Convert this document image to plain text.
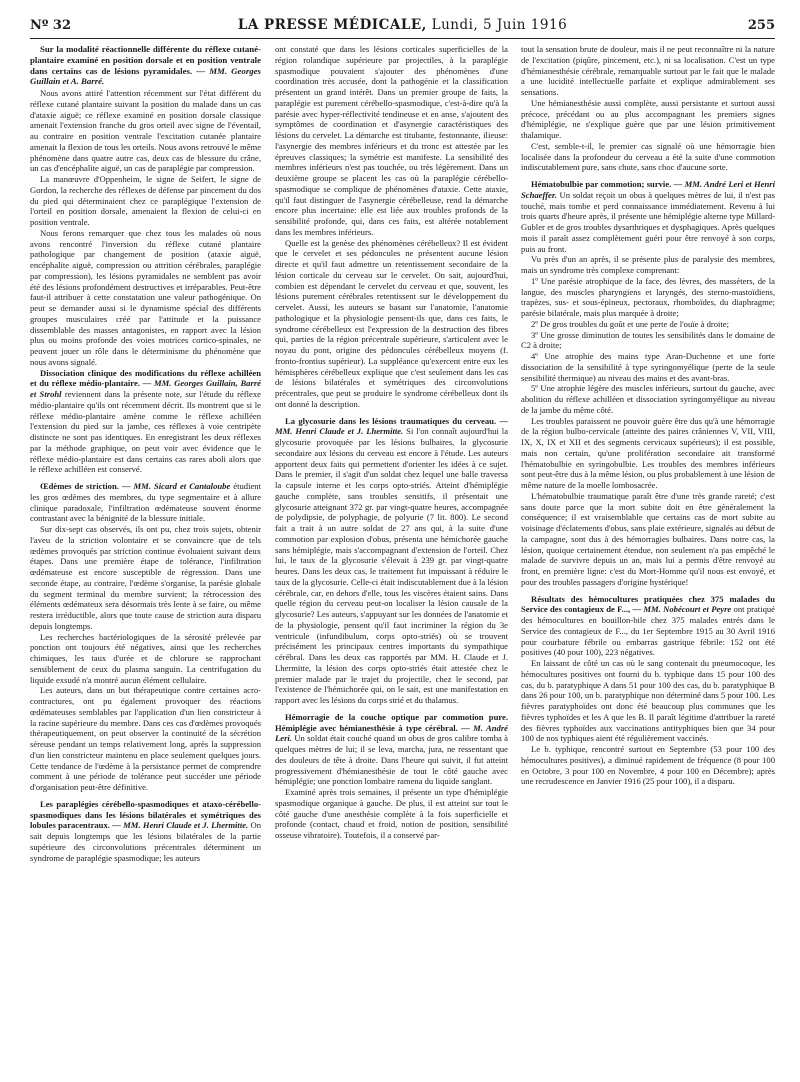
Nº 32	LA PRESSE MÉDICALE, Lundi, 5 Juin 1916	255
Sur la modalité réactionnelle différente du réflexe cutané-plantaire examiné en position dorsale et en position ventrale dans certains cas de lésions pyramidales. — MM. Georges Guillain et A. Barré.

Nous avons attiré l'attention récemment sur l'état différent du réflexe cutané plantaire suivant la position du malade dans un cas d'ataxie aiguë; ce réflexe examiné en position dorsale classique amenait l'extension franche du gros orteil avec signe de l'éventail, au contraire en position ventrale l'excitation cutanée plantaire amenait la flexion de tous les orteils. Nous avons retrouvé le même phénomène dans quatre autre cas, deux cas de blessure du crâne, un cas d'encéphalite aiguë, un cas de paraplégie par compression.

La manœuvre d'Oppenheim, le signe de Seifert, le signe de Gordon, la recherche des réflexes de défense par pincement du dos du pied qui déterminaient chez ce paraplégique l'extension de l'orteil en position dorsale, amenaient la flexion de celui-ci en position ventrale.

Nous ferons remarquer que chez tous les malades où nous avons rencontré l'inversion du réflexe cutané plantaire pathologique par changement de position (ataxie aiguë, encéphalite aiguë, compression ou attrition cérébrales, paraplégie par compression), les lésions pyramidales ne semblent pas avoir été des lésions profondément destructives et irréparables. Peut-être faut-il attribuer à cette constatation une valeur pathogénique. On peut se demander aussi si le dynamisme spécial des différents groupes musculaires créé par l'attitude et la puissance dissemblable des masses antagonistes, en rapport avec la lésion plus ou moins profonde des voies motrices cortico-spinales, ne peuvent jouer un rôle dans le déterminisme du phénomène que nous avons signalé.

Dissociation clinique des modifications du réflexe achilléen et du réflexe médio-plantaire. — MM. Georges Guillain, Barré et Strohl reviennent dans la présente note, sur l'étude du réflexe médio-plantaire qu'ils ont récemment décrit. Ils montrent que si le réflexe médio-plantaire amène comme le réflexe achilléen l'extension du pied sur la jambe, ces réflexes à voie centripète distincte ne sont pas identiques. En enregistrant les deux réflexes par la méthode graphique, on peut voir avec évidence que le réflexe médio-plantaire est dans certains cas rares aboli alors que le réflexe achilléen est conservé.

Œdèmes de striction. — MM. Sicard et Cantaloube étudient les gros œdèmes des membres, du type segmentaire et à allure clinique paradoxale, l'infiltration œdémateuse souvent énorme contrastant avec la bénignité de la blessure initiale.

Sur dix-sept cas observés, ils ont pu, chez trois sujets, obtenir l'aveu de la striction volontaire et se convaincre que de tels œdèmes provoqués par striction continue évoluaient suivant deux étapes. Dans une première étape de tolérance, l'infiltration œdémateuse est encore susceptible de régression. Dans une seconde étape, au contraire, l'œdème s'organise, la parésie globale du segment terminal du membre survient; la rétrocession des éléments œdémateux sera désormais très lente à se faire, ou même restera irréductible, alors que toute cause de striction aura disparu depuis longtemps.

Les recherches bactériologiques de la sérosité prélevée par ponction ont toujours été négatives, ainsi que les recherches chimiques, les taux d'urée et de chlorure se rapprochant sensiblement de ceux du plasma sanguin. La centrifugation du liquide exsudé n'a montré aucun élément cellulaire.

Les auteurs, dans un but thérapeutique contre certaines acro-contractures, ont pu également provoquer des réactions œdémateuses semblables par l'application d'un lien constricteur à la racine supérieure du membre. Dans ces cas d'œdèmes provoqués thérapeutiquement, on peut observer la continuité de la sécrétion séreuse pendant un temps relativement long, après la suppression d'un lien constricteur maintenu en place seulement quelques jours. Cette tendance de l'œdème à la persistance permet de comprendre comment à une période de tolérance peut succéder une période d'organisation peut-être définitive.

Les paraplégies cérébello-spasmodiques et ataxo-cérébello-spasmodiques dans les lésions bilatérales et symétriques des lobules paracentraux. — MM. Henri Claude et J. Lhermitte. On sait depuis longtemps que les lésions bilatérales de la partie supérieure des circonvolutions précentrales déterminent un syndrome de paraplégie spasmodique; les auteurs

ont constaté que dans les lésions corticales superficielles de la région rolandique supérieure par projectiles, à la paraplégie spasmodique pouvaient s'ajouter des phénomènes d'une coordination très accusée, dont la pathogénie et la classification présentent un grand intérêt. Dans un premier groupe de faits, la paraplégie est purement cérébello-spasmodique, c'est-à-dire qu'à la parésie avec hyper-réflectivité tendineuse et en anse, s'ajoutent des symptômes de coordination et d'asynergie caractéristiques des lésions du cervelet. La démarche est titubante, festonnante, ilieuse: l'asynergie des membres inférieurs et du tronc est attestée par les épreuves classiques; la symétrie est manifeste. La sensibilité des membres inférieurs n'est pas touchée, ou très légèrement. Dans un deuxième groupe se placent les cas où la paraplégie cérébello-spasmodique se complique de phénomènes d'ataxie. Cette ataxie, qu'il faut distinguer de l'asynergie cérébelleuse, rend la démarche encore plus incertaine: elle est liée aux troubles profonds de la sensibilité profonde, qui, dans ces faits, est altérée notablement dans les membres inférieurs.

Quelle est la genèse des phénomènes cérébelleux? Il est évident que le cervelet et ses pédoncules ne présentent aucune lésion directe et qu'il faut admettre un retentissement secondaire de la lésion corticale du cerveau sur le cervelet. On sait, aujourd'hui, combien est dépendant le cervelet du cerveau et que, souvent, les lésions purement cérébrales retentissent sur le développement du cervelet. Aussi, les auteurs se basant sur l'anatomie, l'anatomie pathologique et la physiologie pensent-ils que, dans ces faits, le syndrome cérébelleux est l'expression de la destruction des fibres qui, parties de la région précentrale supérieure, s'articulent avec le noyau du pont, origine des pédoncules cérébelleux moyens (f. fronto-frontius supérieur). La suppléance qu'exercent entre eux les hémisphères cérébelleux explique que c'est seulement dans les cas de lésions bilatérales et symétriques des circonvolutions précentrales, que peut se produire le syndrome cérébelleux dont ils ont donné la description.

La glycosurie dans les lésions traumatiques du cerveau. — MM. Henri Claude et J. Lhermitte. Si l'on connaît aujourd'hui la glycosurie provoquée par les lésions bulbaires, la glycosurie secondaire aux lésions du cerveau est encore à l'étude. Les auteurs apportent deux faits qui permettent d'orienter les idées à ce sujet. Dans le premier, il s'agit d'un soldat chez lequel une balle traversa la capsule interne et les corps opto-striés. Atteint d'hémiplégie gauche complète, sans troubles sensitifs, il présentait une glycosurie atteignant 372 gr. par vingt-quatre heures, accompagnée de polydipsie, de polyphagie, de polyurie (7 lit. 800). Le second fait a trait à un autre soldat de 27 ans qui, à la suite d'une commotion par explosion d'obus, présenta une hémichorée gauche sans hémiplégie, mais s'accompagnant d'extension de l'orteil. Chez lui, le taux de la glycosurie s'élevait à 239 gr. par vingt-quatre heures. Dans les deux cas, le traitement fut impuissant à réduire le taux de la glycosurie. Celle-ci était indiscutablement due à la lésion cérébrale, car, en dehors d'elle, tous les viscères étaient sains. Dans quelle région du cerveau peut-on localiser la lésion causale de la glycosurie? Les auteurs, s'appuyant sur les données de l'anatomie et de la physiologie, pensent qu'il faut incriminer la région du 3e ventricule (infundibulum, corps opto-striés) où se trouvent précisément les principaux centres importants du sympathique cérébral. Dans les deux cas rapportés par MM. H. Claude et J. Lhermitte, la lésion des corps opto-striés était attestée chez le premier malade par le trajet du projectile, chez le second, par l'existence de l'hémichorée qui, on le sait, est une manifestation en rapport avec les lésions du corps strié et du thalamus.

Hémorragie de la couche optique par commotion pure. Hémiplégie avec hémianesthésie à type cérébral. — M. André Leri. Un soldat était couché quand un obus de gros calibre tomba à quelques mètres de lui; il se leva, marcha, jura, ne ressentant que des douleurs de tête à droite. Dans l'heure qui suivit, il fut atteint progressivement d'hémianesthésie de tout le côté gauche avec hémiplégie; une ponction lombaire ramena du liquide sanglant.

Examiné après trois semaines, il présente un type d'hémiplégie spasmodique organique à gauche. De plus, il est atteint sur tout le côté gauche d'une anesthésie complète à la fois superficielle et profonde (contact, chaud et froid, notion de position, sensibilité osseuse vibratoire). Toutefois, il a conservé par-

tout la sensation brute de douleur, mais il ne peut reconnaître ni la nature de l'excitation (piqûre, pincement, etc.), ni sa localisation. C'est un type d'hémianesthésie cérébrale, remarquable surtout par le fait que le malade a une lucidité intellectuelle parfaite et explique admirablement ses sensations.

Une hémianesthésie aussi complète, aussi persistante et surtout aussi précoce, précédant ou au plus accompagnant les premiers signes d'hémiplégie, ne s'explique guère que par une lésion primitivement thalamique.

C'est, semble-t-il, le premier cas signalé où une hémorragie bien localisée dans la profondeur du cerveau a été la suite d'une commotion indiscutablement pure, sans chute, sans choc d'aucune sorte.

Hématobulbie par commotion; survie. — MM. André Leri et Henri Schaeffer. Un soldat reçoit un obus à quelques mètres de lui, il n'est pas touché, mais tombe et perd connaissance immédiatement. Revenu à lui trois quarts d'heure après, il présente une hémiplégie alterne type Millard-Gubler et de gros troubles dysarthriques et dysphagiques. Après quelques mois il paraît assez complètement guéri pour être renvoyé à son corps, puis au front.

Vu près d'un an après, il se présente plus de paralysie des membres, mais un syndrome très complexe comprenant:

1º Une parésie atrophique de la face, des lèvres, des masséters, de la langue, des muscles pharyngiens et laryngés, des sterno-mastoïdiens, trapèzes, sus- et sous-épineux, pectoraux, rhomboïdes, du diaphragme; parésie bilatérale, mais plus marquée à droite;

2º De gros troubles du goût et une perte de l'ouïe à droite;

3º Une grosse diminution de toutes les sensibilités dans le domaine de C2 à droite;

4º Une atrophie des mains type Aran-Duchenne et une forte dissociation de la sensibilité à type syringomyélique (perte de la seule sensibilité thermique) au niveau des mains et des avant-bras.

5º Une atrophie légère des muscles inférieurs, surtout du gauche, avec abolition du réflexe achilléen et dissociation syringomyélique au niveau de la jambe du même côté.

Les troubles paraissent ne pouvoir guère être dus qu'à une hémorragie de la région bulbo-cervicale (atteinte des paires crâniennes V, VII, VIII, IX, X, IX et XII et des segments cervicaux supérieurs); il est possible, mais non certain, qu'une prolifération secondaire ait transformé l'hématobulbie en syringobulbie. Les troubles des membres inférieurs sont peut-être dus à la même lésion, ou plus probablement à une lésion de même nature de la moelle lombosacrée.

L'hématobulbie traumatique paraît être d'une très grande rareté; c'est sans doute parce que la mort subite doit en être généralement la conséquence; il est vraisemblable que certains cas de mort subite au voisinage d'éclatements d'obus, sans plaie extérieure, signalés au début de la campagne, sont dus à des hémorragies bulbaires. Dans notre cas, la lésion, quoique certainement étendue, non seulement n'a pas empêché le malade de survivre depuis un an, mais lui a permis d'être renvoyé au front, en première ligne: c'est du Mort-Homme qu'il nous est envoyé, et pour des troubles passagers d'origine hystérique!

Résultats des hémocultures pratiquées chez 375 malades du Service des contagieux de F..., — MM. Nobécourt et Peyre ont pratiqué des hémocultures en bouillon-bile chez 375 malades entrés dans le Service des contagieux de F..., du 1er Septembre 1915 au 30 Avril 1916 pour courbature fébrile ou embarras gastrique fébrile: 152 ont été positives (40 pour 100), 223 négatives.

En laissant de côté un cas où le sang contenait du pneumocoque, les hémocultures positives ont fourni du b. typhique dans 15 pour 100 des cas, du b. paratyphique A dans 51 pour 100 des cas, du b. paratyphique B dans 26 pour 100, un b. paratyphique non déterminé dans 5 pour 100. Les fièvres paratyphoïdes ont donc été beaucoup plus communes que les fièvres typhoïdes et les A que les B. Il paraît légitime d'attribuer la rareté des fièvres typhoïdes aux vaccinations antityphiques bien que 34 pour 100 de nos typhiques aient été régulièrement vaccinés.

Le b. typhique, rencontré surtout en Septembre (53 pour 100 des hémocultures positives), a diminué rapidement de fréquence (8 pour 100 en Octobre, 3 pour 100 en Novembre, 4 pour 100 en Décembre); après une recrudescence en Janvier 1916 (25 pour 100), il a disparu.
